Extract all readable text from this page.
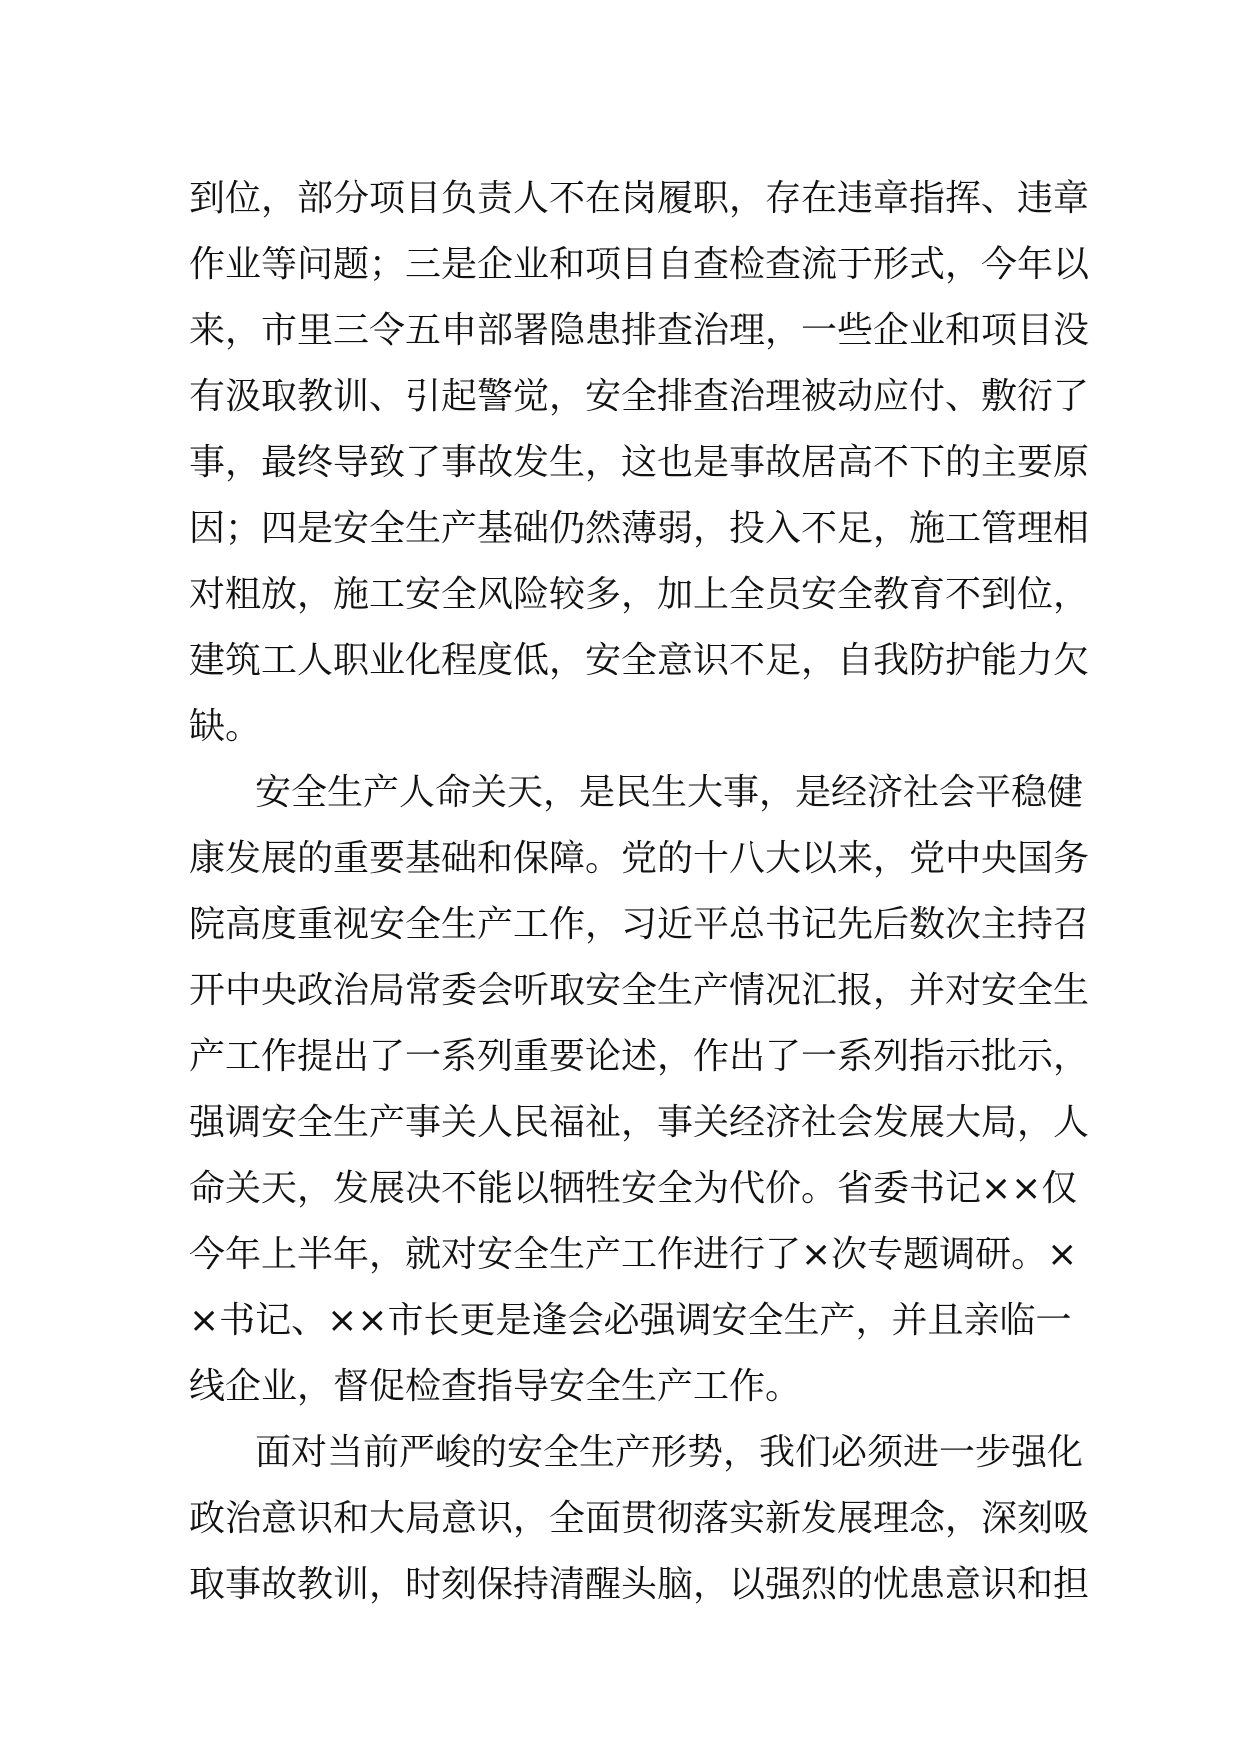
到位，部分项目负责人不在岗履职，存在违章指挥、违章
作业等问题；三是企业和项目自查检查流于形式，今年以
来，市里三令五申部署隐患排查治理，一些企业和项目没
有汲取教训、引起警觉，安全排查治理被动应付、敷衍了
事，最终导致了事故发生，这也是事故居高不下的主要原
因；四是安全生产基础仍然薄弱，投入不足，施工管理相
对粗放，施工安全风险较多，加上全员安全教育不到位，
建筑工人职业化程度低，安全意识不足，自我防护能力欠
缺。
安全生产人命关天，是民生大事，是经济社会平稳健
康发展的重要基础和保障。党的十八大以来，党中央国务
院高度重视安全生产工作，习近平总书记先后数次主持召
开中央政治局常委会听取安全生产情况汇报，并对安全生
产工作提出了一系列重要论述，作出了一系列指示批示，
强调安全生产事关人民福祉，事关经济社会发展大局，人
命关天，发展决不能以牺牲安全为代价。省委书记××仅
今年上半年，就对安全生产工作进行了×次专题调研。×
×书记、××市长更是逢会必强调安全生产，并且亲临一
线企业，督促检查指导安全生产工作。
面对当前严峻的安全生产形势，我们必须进一步强化
政治意识和大局意识，全面贯彻落实新发展理念，深刻吸
取事故教训，时刻保持清醒头脑，以强烈的忧患意识和担
